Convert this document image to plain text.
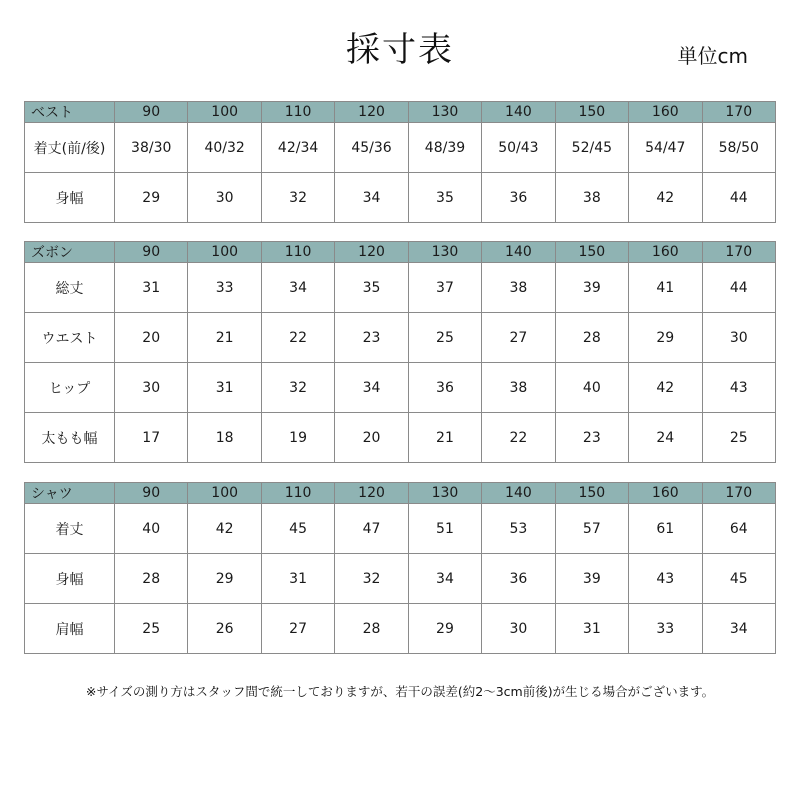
採寸表	単位cm
ベスト	90	100	110	120	130	140	150	160	170
着丈(前/後)	38/30	40/32	42/34	45/36	48/39	50/43	52/45	54/47	58/50
身幅	29	30	32	34	35	36	38	42	44
ズボン	90	100	110	120	130	140	150	160	170
総丈	31	33	34	35	37	38	39	41	44
ウエスト	20	21	22	23	25	27	28	29	30
ヒップ	30	31	32	34	36	38	40	42	43
太もも幅	17	18	19	20	21	22	23	24	25
シャツ	90	100	110	120	130	140	150	160	170
着丈	40	42	45	47	51	53	57	61	64
身幅	28	29	31	32	34	36	39	43	45
肩幅	25	26	27	28	29	30	31	33	34
※サイズの測り方はスタッフ間で統一しておりますが、若干の誤差(約2～3cm前後)が生じる場合がございます。
